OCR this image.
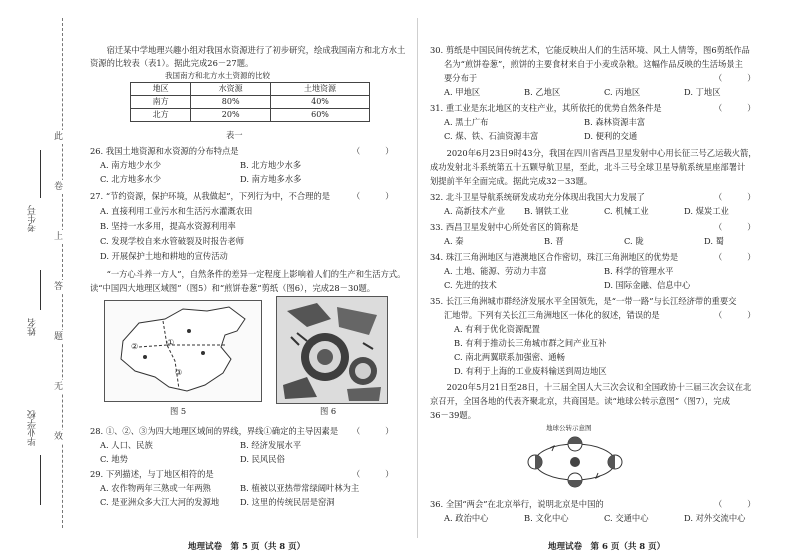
此
卷
上
答
题
无
效
考生号
姓名
毕业学校
　　宿迁某中学地理兴趣小组对我国水资源进行了初步研究，绘成我国南方和北方水土
资源的比较表（表1）。据此完成26－27题。
我国南方和北方水土资源的比较
地区	水资源	土地资源
南方	80%	40%
北方	20%	60%
表一
26. 我国土地资源和水资源的分布特点是	（　　　）
A. 南方地少水少	B. 北方地少水多
C. 北方地多水少	D. 南方地多水多
27. “节约资源，保护环境，从我做起”，下列行为中，不合理的是	（　　　）
A. 直接利用工业污水和生活污水灌溉农田
B. 坚持一水多用，提高水资源利用率
C. 发现学校自来水管破裂及时报告老师
D. 开展保护土地和耕地的宣传活动
　　“一方心斗养一方人”，自然条件的差异一定程度上影响着人们的生产和生活方式。
读“中国四大地理区域图”（图5）和“煎饼卷葱”剪纸（图6），完成28－30题。
①
②
③
图 5	图 6
28. ①、②、③为四大地理区域间的界线，界线①确定的主导因素是 （　　　）
A. 人口、民族	B. 经济发展水平
C. 地势	D. 民风民俗
29. 下列描述，与丁地区相符的是	（　　　）
A. 农作物两年三熟或一年两熟	B. 植被以亚热带常绿阔叶林为主
C. 是亚洲众多大江大河的发源地	D. 这里的传统民居是窑洞
地理试卷　第 5 页（共 8 页）
30. 剪纸是中国民间传统艺术，它能反映出人们的生活环境、风土人情等，图6剪纸作品
名为“煎饼卷葱”，煎饼的主要食材来自于小麦或杂粮。这幅作品反映的生活场景主
要分布于	（　　　）
A. 甲地区	B. 乙地区	C. 丙地区	D. 丁地区
31. 重工业是东北地区的支柱产业，其所依托的优势自然条件是	（　　　）
A. 黑土广布	B. 森林资源丰富
C. 煤、铁、石油资源丰富	D. 便利的交通
　　2020年6月23日9时43分，我国在四川省西昌卫星发射中心用长征三号乙运载火箭，
成功发射北斗系统第五十五颗导航卫星，至此，北斗三号全球卫星导航系统星座部署计
划提前半年全面完成。据此完成32－33题。
32. 北斗卫星导航系统研发成功充分体现出我国大力发展了	（　　　）
A. 高新技术产业 B. 钢铁工业	C. 机械工业	D. 煤炭工业
33. 西昌卫星发射中心所处省区的简称是	（　　　）
A. 秦	B. 晋	C. 陇	D. 蜀
34. 珠江三角洲地区与港澳地区合作密切，珠江三角洲地区的优势是	（　　　）
A. 土地、能源、劳动力丰富	B. 科学的管理水平
C. 先进的技术	D. 国际金融、信息中心
35. 长江三角洲城市群经济发展水平全国领先，是“一带一路”与长江经济带的重要交
汇地带。下列有关长江三角洲地区一体化的叙述，错误的是	（　　　）
A. 有利于优化资源配置
B. 有利于推动长三角城市群之间产业互补
C. 南北两翼联系加强密、通畅
D. 有利于上海的工业废料输送到周边地区
　　2020年5月21日至28日，十三届全国人大三次会议和全国政协十三届三次会议在北
京召开，全国各地的代表齐聚北京，共商国是。读“地球公转示意图”（图7），完成
36－39题。
地球公转示意图
36. 全国“两会”在北京举行，说明北京是中国的	（　　　）
A. 政治中心	B. 文化中心	C. 交通中心	D. 对外交流中心
地理试卷　第 6 页（共 8 页）
